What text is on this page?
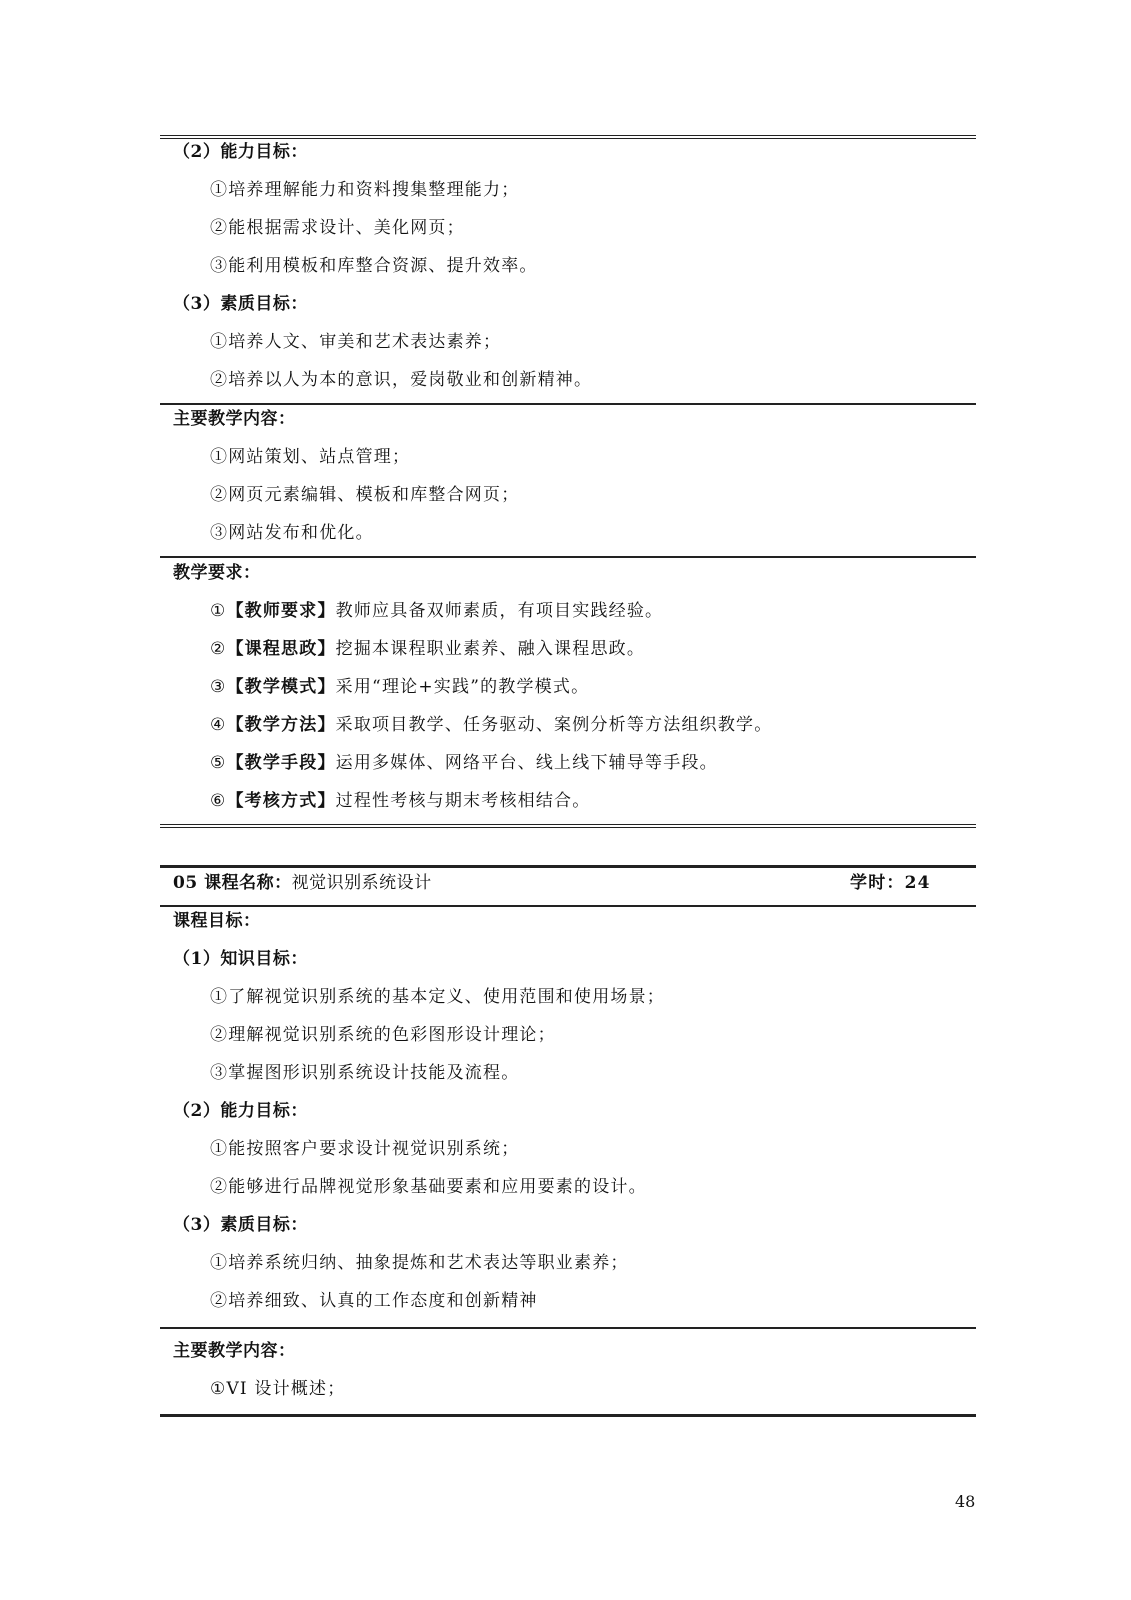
（2）能力目标：
①培养理解能力和资料搜集整理能力；
②能根据需求设计、美化网页；
③能利用模板和库整合资源、提升效率。
（3）素质目标：
①培养人文、审美和艺术表达素养；
②培养以人为本的意识，爱岗敬业和创新精神。
主要教学内容：
①网站策划、站点管理；
②网页元素编辑、模板和库整合网页；
③网站发布和优化。
教学要求：
①【教师要求】教师应具备双师素质，有项目实践经验。
②【课程思政】挖掘本课程职业素养、融入课程思政。
③【教学模式】采用“理论+实践”的教学模式。
④【教学方法】采取项目教学、任务驱动、案例分析等方法组织教学。
⑤【教学手段】运用多媒体、网络平台、线上线下辅导等手段。
⑥【考核方式】过程性考核与期末考核相结合。
05 课程名称：视觉识别系统设计	学时：24
课程目标：
（1）知识目标：
①了解视觉识别系统的基本定义、使用范围和使用场景；
②理解视觉识别系统的色彩图形设计理论；
③掌握图形识别系统设计技能及流程。
（2）能力目标：
①能按照客户要求设计视觉识别系统；
②能够进行品牌视觉形象基础要素和应用要素的设计。
（3）素质目标：
①培养系统归纳、抽象提炼和艺术表达等职业素养；
②培养细致、认真的工作态度和创新精神
主要教学内容：
①VI 设计概述；
48
